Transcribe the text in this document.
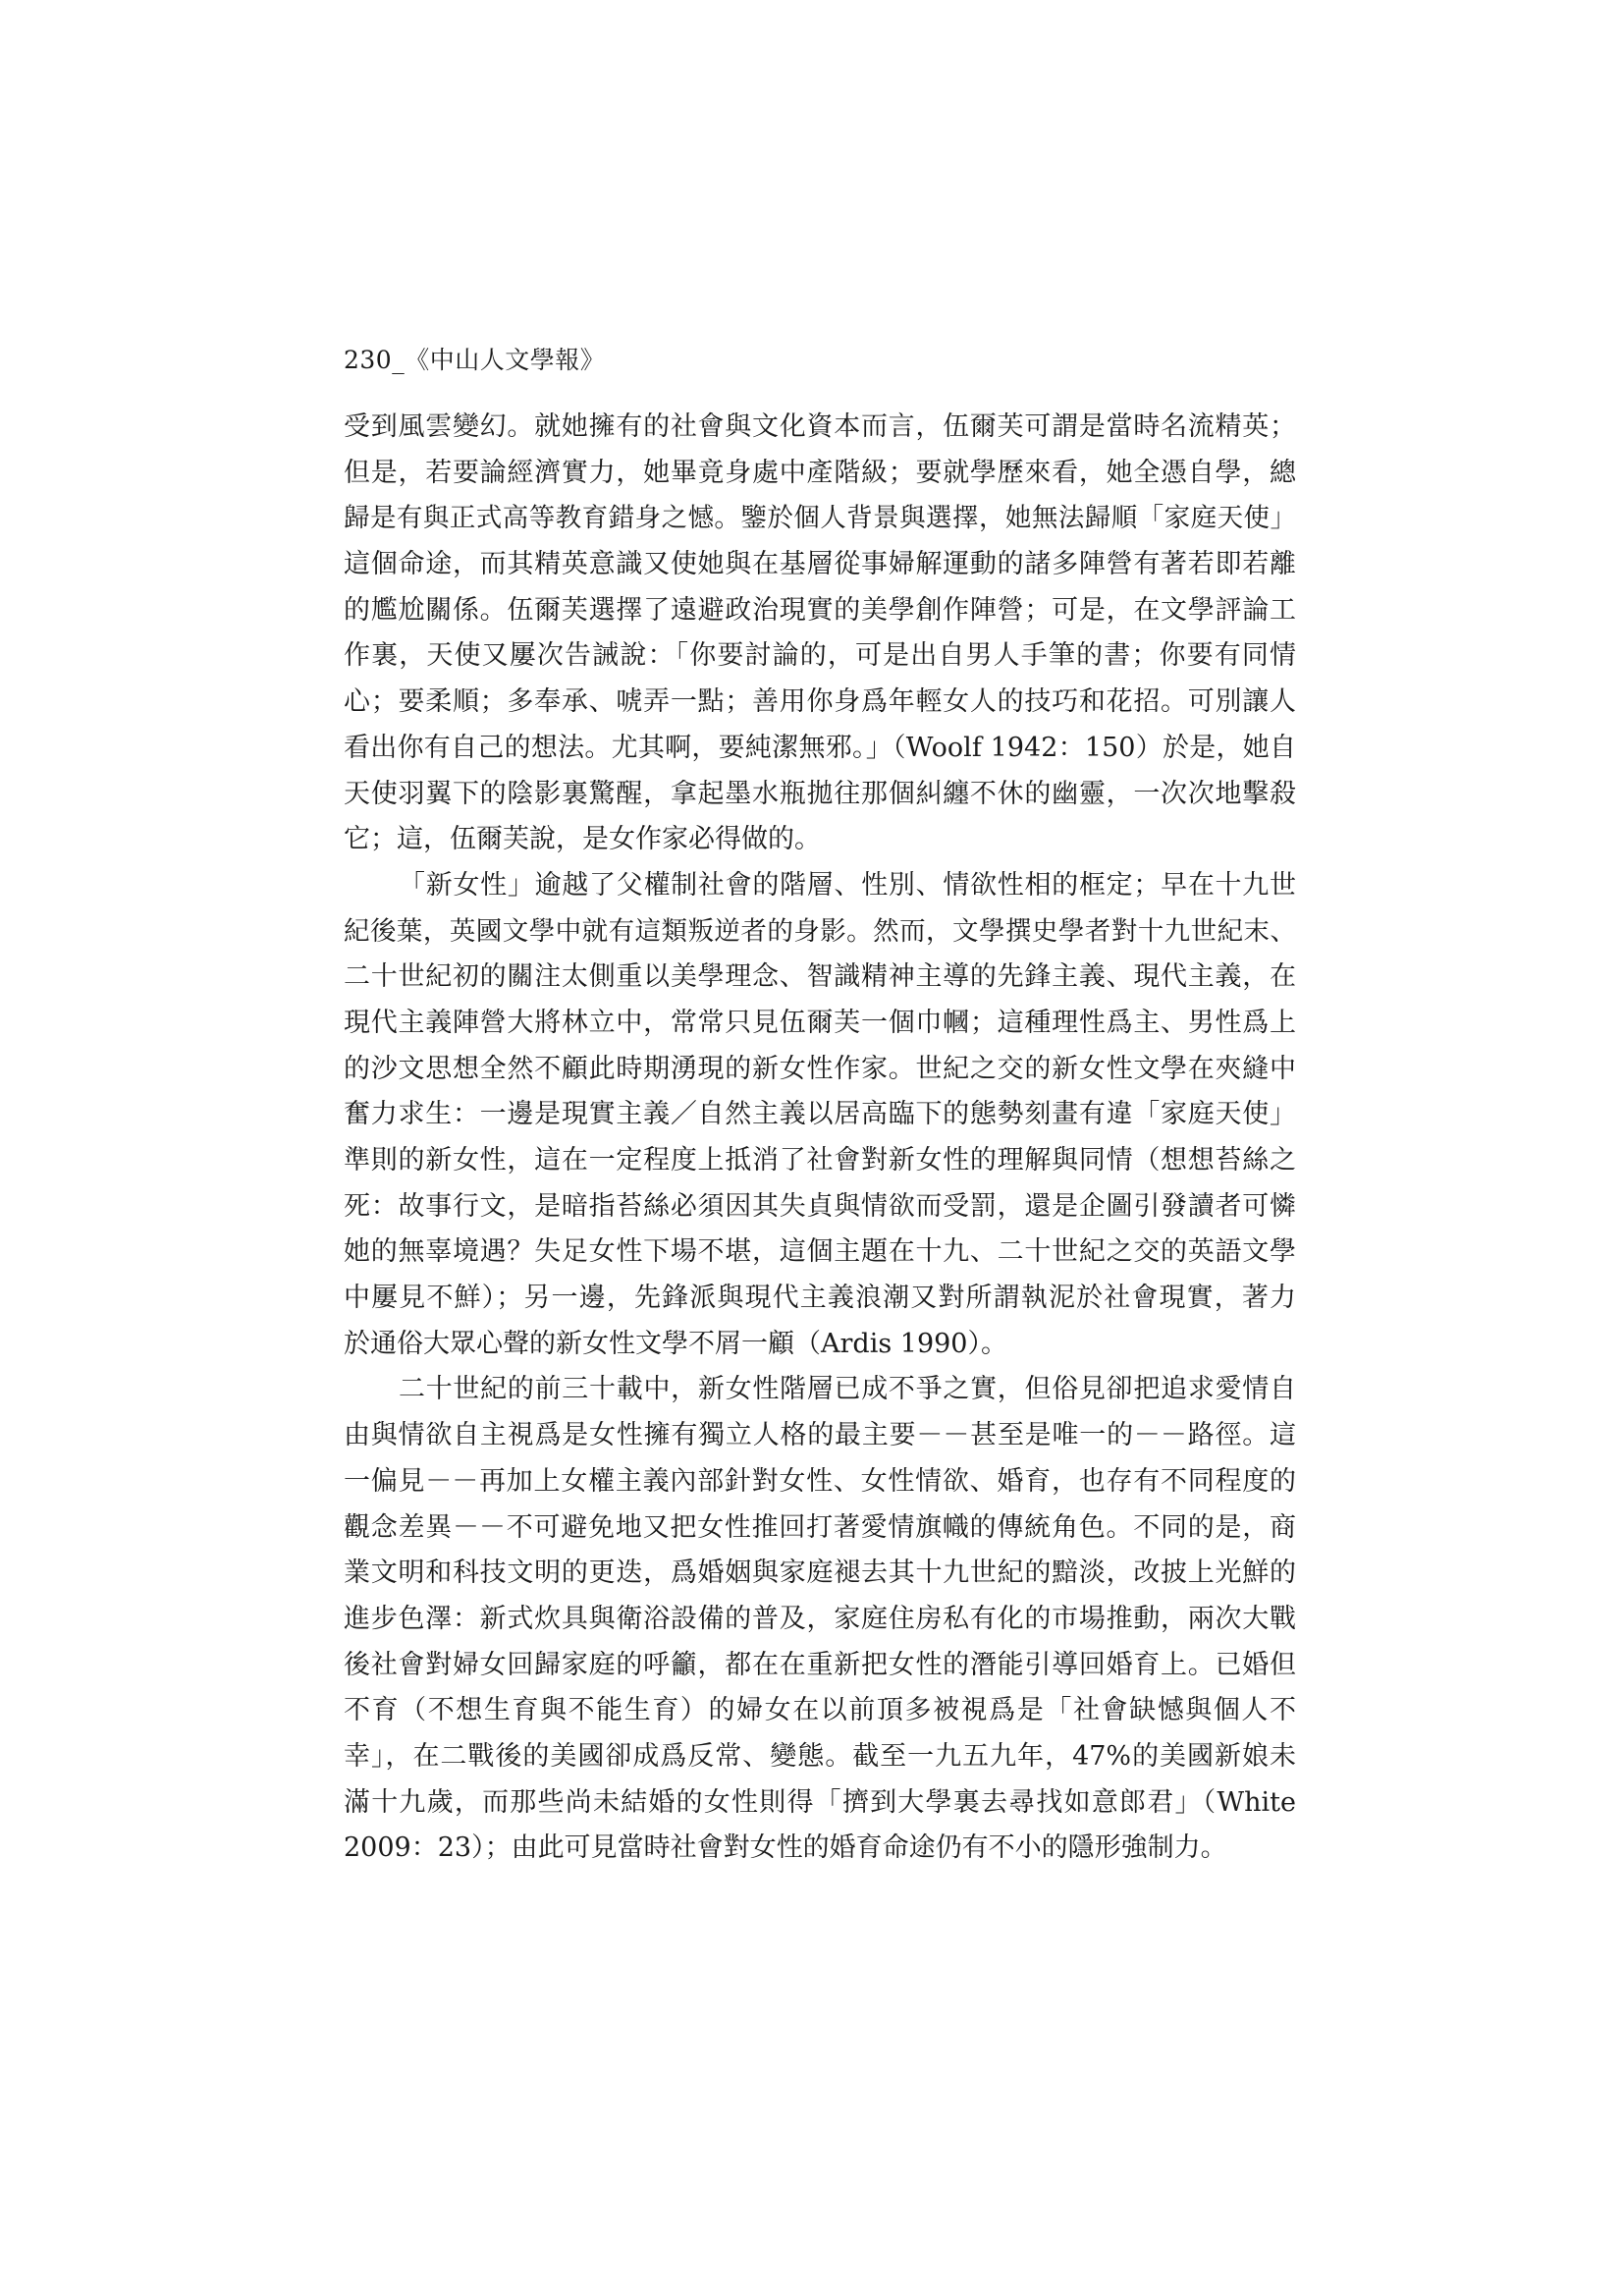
230_《中山人文學報》
受到風雲變幻。就她擁有的社會與文化資本而言，伍爾芙可謂是當時名流精英；
但是，若要論經濟實力，她畢竟身處中產階級；要就學歷來看，她全憑自學，總
歸是有與正式高等教育錯身之憾。鑒於個人背景與選擇，她無法歸順「家庭天使」
這個命途，而其精英意識又使她與在基層從事婦解運動的諸多陣營有著若即若離
的尷尬關係。伍爾芙選擇了遠避政治現實的美學創作陣營；可是，在文學評論工
作裏，天使又屢次告誡說：「你要討論的，可是出自男人手筆的書；你要有同情
心；要柔順；多奉承、唬弄一點；善用你身爲年輕女人的技巧和花招。可別讓人
看出你有自己的想法。尤其啊，要純潔無邪。」（Woolf 1942：150）於是，她自
天使羽翼下的陰影裏驚醒，拿起墨水瓶拋往那個糾纏不休的幽靈，一次次地擊殺
它；這，伍爾芙說，是女作家必得做的。
「新女性」逾越了父權制社會的階層、性別、情欲性相的框定；早在十九世
紀後葉，英國文學中就有這類叛逆者的身影。然而，文學撰史學者對十九世紀末、
二十世紀初的關注太側重以美學理念、智識精神主導的先鋒主義、現代主義，在
現代主義陣營大將林立中，常常只見伍爾芙一個巾幗；這種理性爲主、男性爲上
的沙文思想全然不顧此時期湧現的新女性作家。世紀之交的新女性文學在夾縫中
奮力求生：一邊是現實主義／自然主義以居高臨下的態勢刻畫有違「家庭天使」
準則的新女性，這在一定程度上抵消了社會對新女性的理解與同情（想想苔絲之
死：故事行文，是暗指苔絲必須因其失貞與情欲而受罰，還是企圖引發讀者可憐
她的無辜境遇？失足女性下場不堪，這個主題在十九、二十世紀之交的英語文學
中屢見不鮮）；另一邊，先鋒派與現代主義浪潮又對所謂執泥於社會現實，著力
於通俗大眾心聲的新女性文學不屑一顧（Ardis 1990）。
二十世紀的前三十載中，新女性階層已成不爭之實，但俗見卻把追求愛情自
由與情欲自主視爲是女性擁有獨立人格的最主要－－甚至是唯一的－－路徑。這
一偏見－－再加上女權主義內部針對女性、女性情欲、婚育，也存有不同程度的
觀念差異－－不可避免地又把女性推回打著愛情旗幟的傳統角色。不同的是，商
業文明和科技文明的更迭，爲婚姻與家庭褪去其十九世紀的黯淡，改披上光鮮的
進步色澤：新式炊具與衛浴設備的普及，家庭住房私有化的市場推動，兩次大戰
後社會對婦女回歸家庭的呼籲，都在在重新把女性的潛能引導回婚育上。已婚但
不育（不想生育與不能生育）的婦女在以前頂多被視爲是「社會缺憾與個人不
幸」，在二戰後的美國卻成爲反常、變態。截至一九五九年，47%的美國新娘未
滿十九歲，而那些尚未結婚的女性則得「擠到大學裏去尋找如意郎君」（White
2009：23）；由此可見當時社會對女性的婚育命途仍有不小的隱形強制力。
